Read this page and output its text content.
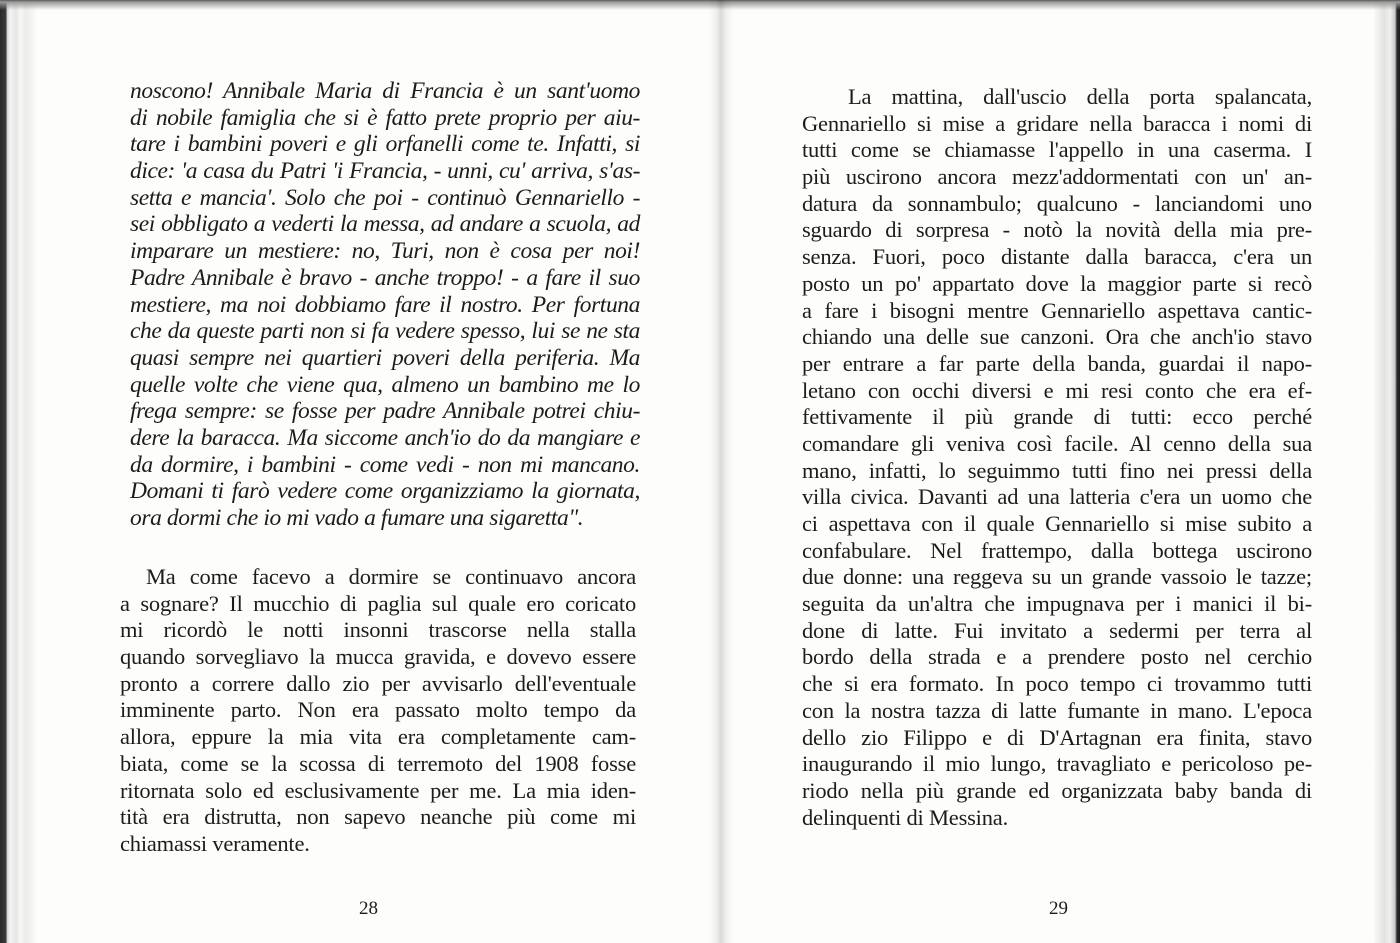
noscono! Annibale Maria di Francia è un sant'uomo
di nobile famiglia che si è fatto prete proprio per aiu-
tare i bambini poveri e gli orfanelli come te. Infatti, si
dice: 'a casa du Patri 'i Francia, - unni, cu' arriva, s'as-
setta e mancia'. Solo che poi - continuò Gennariello -
sei obbligato a vederti la messa, ad andare a scuola, ad
imparare un mestiere: no, Turi, non è cosa per noi!
Padre Annibale è bravo - anche troppo! - a fare il suo
mestiere, ma noi dobbiamo fare il nostro. Per fortuna
che da queste parti non si fa vedere spesso, lui se ne sta
quasi sempre nei quartieri poveri della periferia. Ma
quelle volte che viene qua, almeno un bambino me lo
frega sempre: se fosse per padre Annibale potrei chiu-
dere la baracca. Ma siccome anch'io do da mangiare e
da dormire, i bambini - come vedi - non mi mancano.
Domani ti farò vedere come organizziamo la giornata,
ora dormi che io mi vado a fumare una sigaretta".
Ma come facevo a dormire se continuavo ancora
a sognare? Il mucchio di paglia sul quale ero coricato
mi ricordò le notti insonni trascorse nella stalla
quando sorvegliavo la mucca gravida, e dovevo essere
pronto a correre dallo zio per avvisarlo dell'eventuale
imminente parto. Non era passato molto tempo da
allora, eppure la mia vita era completamente cam-
biata, come se la scossa di terremoto del 1908 fosse
ritornata solo ed esclusivamente per me. La mia iden-
tità era distrutta, non sapevo neanche più come mi
chiamassi veramente.
28
La mattina, dall'uscio della porta spalancata,
Gennariello si mise a gridare nella baracca i nomi di
tutti come se chiamasse l'appello in una caserma. I
più uscirono ancora mezz'addormentati con un' an-
datura da sonnambulo; qualcuno - lanciandomi uno
sguardo di sorpresa - notò la novità della mia pre-
senza. Fuori, poco distante dalla baracca, c'era un
posto un po' appartato dove la maggior parte si recò
a fare i bisogni mentre Gennariello aspettava cantic-
chiando una delle sue canzoni. Ora che anch'io stavo
per entrare a far parte della banda, guardai il napo-
letano con occhi diversi e mi resi conto che era ef-
fettivamente il più grande di tutti: ecco perché
comandare gli veniva così facile. Al cenno della sua
mano, infatti, lo seguimmo tutti fino nei pressi della
villa civica. Davanti ad una latteria c'era un uomo che
ci aspettava con il quale Gennariello si mise subito a
confabulare. Nel frattempo, dalla bottega uscirono
due donne: una reggeva su un grande vassoio le tazze;
seguita da un'altra che impugnava per i manici il bi-
done di latte. Fui invitato a sedermi per terra al
bordo della strada e a prendere posto nel cerchio
che si era formato. In poco tempo ci trovammo tutti
con la nostra tazza di latte fumante in mano. L'epoca
dello zio Filippo e di D'Artagnan era finita, stavo
inaugurando il mio lungo, travagliato e pericoloso pe-
riodo nella più grande ed organizzata baby banda di
delinquenti di Messina.
29
